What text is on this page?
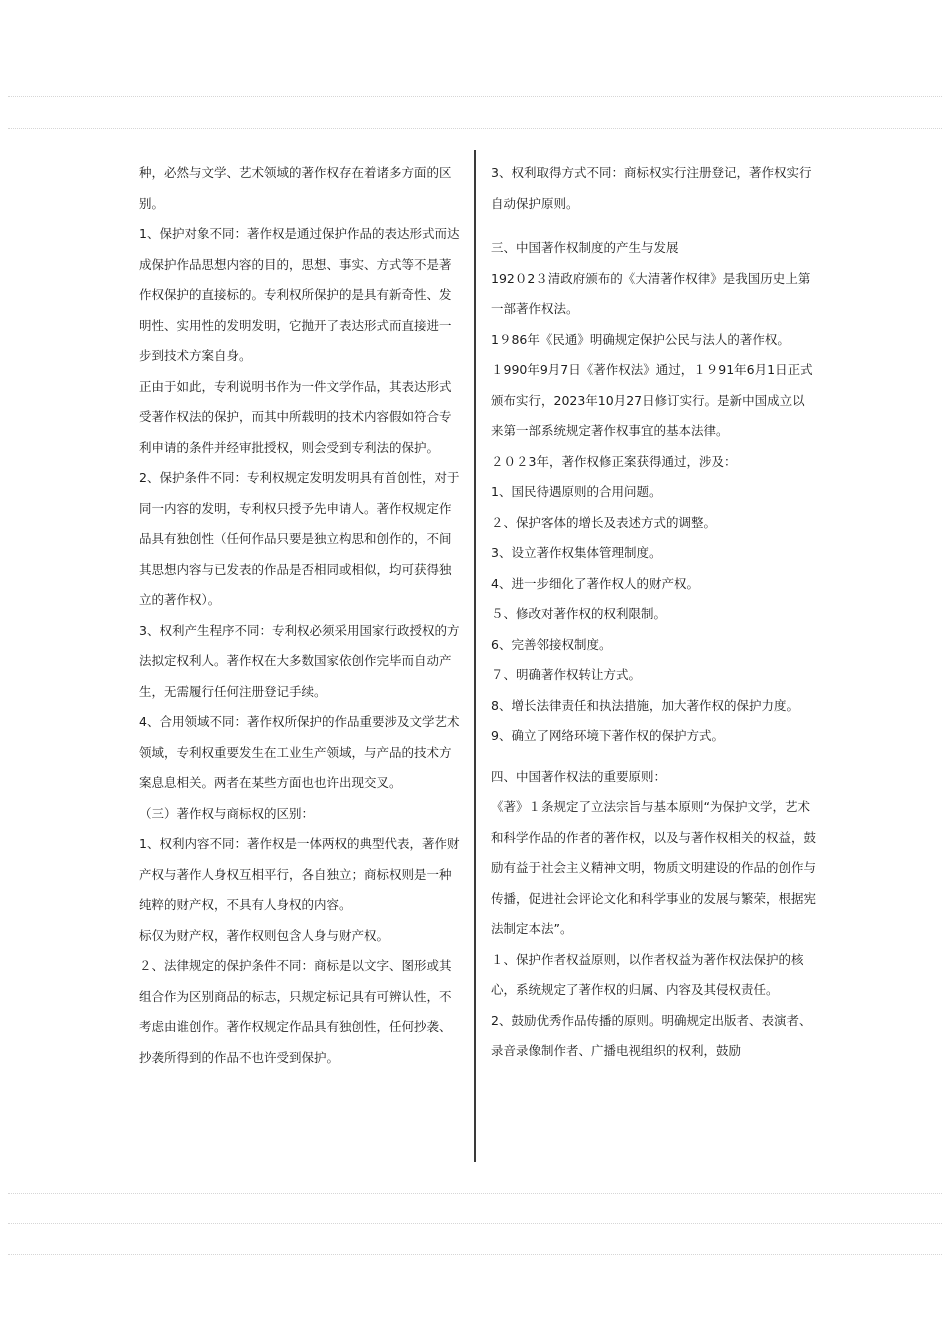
种，必然与文学、艺术领域的著作权存在着诸多方面的区别。

1、保护对象不同：著作权是通过保护作品的表达形式而达成保护作品思想内容的目的，思想、事实、方式等不是著作权保护的直接标的。专利权所保护的是具有新奇性、发明性、实用性的发明发明，它抛开了表达形式而直接进一步到技术方案自身。

正由于如此，专利说明书作为一件文学作品，其表达形式受著作权法的保护，而其中所载明的技术内容假如符合专利申请的条件并经审批授权，则会受到专利法的保护。

2、保护条件不同：专利权规定发明发明具有首创性，对于同一内容的发明，专利权只授予先申请人。著作权规定作品具有独创性（任何作品只要是独立构思和创作的，不间其思想内容与已发表的作品是否相同或相似，均可获得独立的著作权）。

3、权利产生程序不同：专利权必须采用国家行政授权的方法拟定权利人。著作权在大多数国家依创作完毕而自动产生，无需履行任何注册登记手续。

4、合用领域不同：著作权所保护的作品重要涉及文学艺术领域，专利权重要发生在工业生产领域，与产品的技术方案息息相关。两者在某些方面也也许出现交叉。

（三）著作权与商标权的区别：

1、权利内容不同：著作权是一体两权的典型代表，著作财产权与著作人身权互相平行，各自独立；商标权则是一种纯粹的财产权，不具有人身权的内容。

标仅为财产权，著作权则包含人身与财产权。

２、法律规定的保护条件不同：商标是以文字、图形或其组合作为区别商品的标志，只规定标记具有可辨认性，不考虑由谁创作。著作权规定作品具有独创性，任何抄袭、抄袭所得到的作品不也许受到保护。

3、权利取得方式不同：商标权实行注册登记，著作权实行自动保护原则。

三、中国著作权制度的产生与发展

192０2３清政府颁布的《大清著作权律》是我国历史上第一部著作权法。

1９86年《民通》明确规定保护公民与法人的著作权。

１990年9月7日《著作权法》通过，１９91年6月1日正式颁布实行，2023年10月27日修订实行。是新中国成立以来第一部系统规定著作权事宜的基本法律。

２０２3年，著作权修正案获得通过，涉及：

1、国民待遇原则的合用问题。

２、保护客体的增长及表述方式的调整。

3、设立著作权集体管理制度。

4、进一步细化了著作权人的财产权。

５、修改对著作权的权利限制。

6、完善邻接权制度。

７、明确著作权转让方式。

8、增长法律责任和执法措施，加大著作权的保护力度。

9、确立了网络环境下著作权的保护方式。

四、中国著作权法的重要原则：

《著》１条规定了立法宗旨与基本原则“为保护文学，艺术和科学作品的作者的著作权，以及与著作权相关的权益，鼓励有益于社会主义精神文明，物质文明建设的作品的创作与传播，促进社会评论文化和科学事业的发展与繁荣，根据宪法制定本法”。

１、保护作者权益原则，以作者权益为著作权法保护的核心，系统规定了著作权的归属、内容及其侵权责任。

2、鼓励优秀作品传播的原则。明确规定出版者、表演者、录音录像制作者、广播电视组织的权利，鼓励
